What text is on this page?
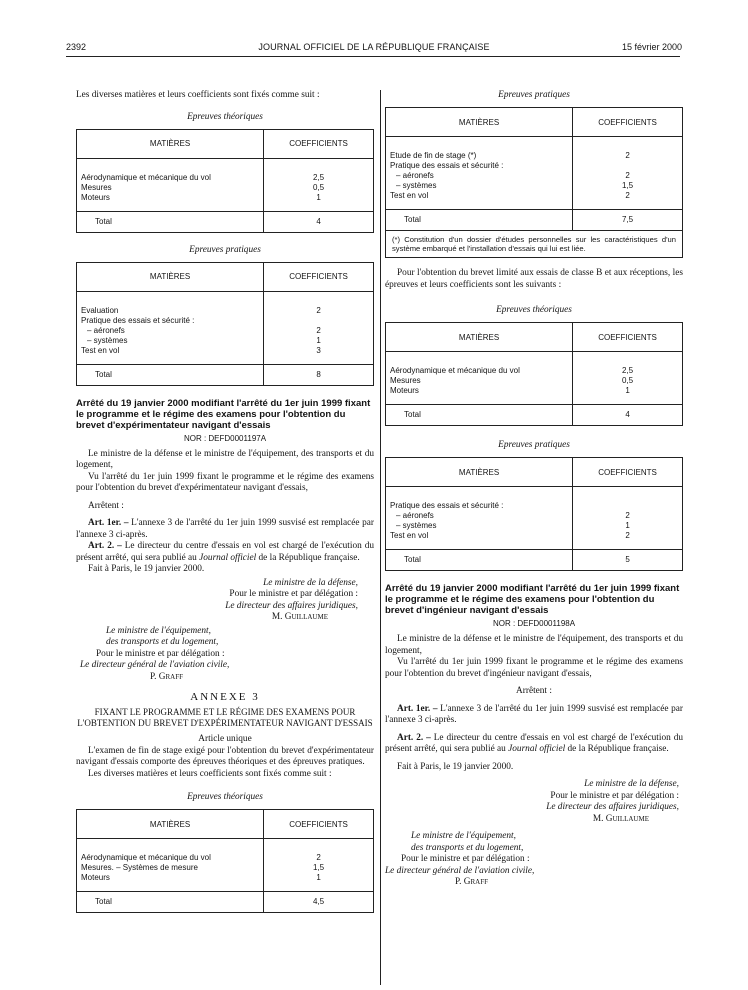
2392	JOURNAL OFFICIEL DE LA RÉPUBLIQUE FRANÇAISE	15 février 2000

Les diverses matières et leurs coefficients sont fixés comme suit :

Epreuves théoriques
MATIÈRES	COEFFICIENTS
Aérodynamique et mécanique du vol	2,5
Mesures	0,5
Moteurs	1

Total	4
Epreuves pratiques
MATIÈRES	COEFFICIENTS
Evaluation	2
Pratique des essais et sécurité :	
– aéronefs	2
– systèmes	1
Test en vol	3

Total	8
Arrêté du 19 janvier 2000 modifiant l'arrêté du 1er juin 1999 fixant le programme et le régime des examens pour l'obtention du brevet d'expérimentateur navigant d'essais
NOR : DEFD0001197A

Le ministre de la défense et le ministre de l'équipement, des transports et du logement,

Vu l'arrêté du 1er juin 1999 fixant le programme et le régime des examens pour l'obtention du brevet d'expérimentateur navigant d'essais,

Arrêtent :

Art. 1er. – L'annexe 3 de l'arrêté du 1er juin 1999 susvisé est remplacée par l'annexe 3 ci-après.

Art. 2. – Le directeur du centre d'essais en vol est chargé de l'exécution du présent arrêté, qui sera publié au Journal officiel de la République française.

Fait à Paris, le 19 janvier 2000.

Le ministre de la défense,
Pour le ministre et par délégation :
Le directeur des affaires juridiques,
M. Guillaume
Le ministre de l'équipement,
des transports et du logement,
Pour le ministre et par délégation :
Le directeur général de l'aviation civile,
P. Graff
ANNEXE 3

FIXANT LE PROGRAMME ET LE RÉGIME DES EXAMENS POUR L'OBTENTION DU BREVET D'EXPÉRIMENTATEUR NAVIGANT D'ESSAIS

Article unique

L'examen de fin de stage exigé pour l'obtention du brevet d'expérimentateur navigant d'essais comporte des épreuves théoriques et des épreuves pratiques.

Les diverses matières et leurs coefficients sont fixés comme suit :

Epreuves théoriques
MATIÈRES	COEFFICIENTS
Aérodynamique et mécanique du vol	2
Mesures. – Systèmes de mesure	1,5
Moteurs	1

Total	4,5
Epreuves pratiques
MATIÈRES	COEFFICIENTS
Etude de fin de stage (*)	2
Pratique des essais et sécurité :	
– aéronefs	2
– systèmes	1,5
Test en vol	2

Total	7,5
(*) Constitution d'un dossier d'études personnelles sur les caractéristiques d'un système embarqué et l'installation d'essais qui lui est liée.	

Pour l'obtention du brevet limité aux essais de classe B et aux réceptions, les épreuves et leurs coefficients sont les suivants :

Epreuves théoriques
MATIÈRES	COEFFICIENTS
Aérodynamique et mécanique du vol	2,5
Mesures	0,5
Moteurs	1

Total	4
Epreuves pratiques
MATIÈRES	COEFFICIENTS
Pratique des essais et sécurité :	
– aéronefs	2
– systèmes	1
Test en vol	2

Total	5
Arrêté du 19 janvier 2000 modifiant l'arrêté du 1er juin 1999 fixant le programme et le régime des examens pour l'obtention du brevet d'ingénieur navigant d'essais
NOR : DEFD0001198A

Le ministre de la défense et le ministre de l'équipement, des transports et du logement,

Vu l'arrêté du 1er juin 1999 fixant le programme et le régime des examens pour l'obtention du brevet d'ingénieur navigant d'essais,

Arrêtent :

Art. 1er. – L'annexe 3 de l'arrêté du 1er juin 1999 susvisé est remplacée par l'annexe 3 ci-après.

Art. 2. – Le directeur du centre d'essais en vol est chargé de l'exécution du présent arrêté, qui sera publié au Journal officiel de la République française.

Fait à Paris, le 19 janvier 2000.

Le ministre de la défense,
Pour le ministre et par délégation :
Le directeur des affaires juridiques,
M. Guillaume
Le ministre de l'équipement,
des transports et du logement,
Pour le ministre et par délégation :
Le directeur général de l'aviation civile,
P. Graff
